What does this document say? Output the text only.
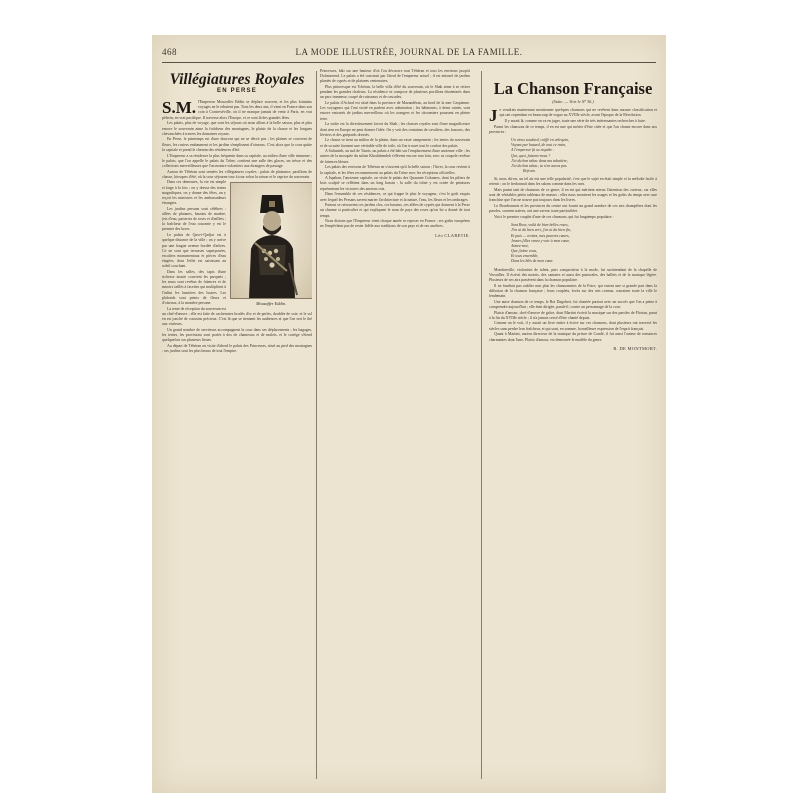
468	LA MODE ILLUSTRÉE, JOURNAL DE LA FAMILLE.
Villégiatures Royales
EN PERSE

S.M. l'Empereur Mouzaffer Eddin se déplace souvent, et les plus lointains voyages ne le rebutent pas. Tous les deux ans, il vient en France dans son coin à Contrexéville, où il ne manque jamais de venir à Paris, en vrai pèlerin, en vrai pacifique. Il traverse alors l'Europe, et ce sont là des grandes fêtes.

Les palais, plus de voyage, que sont les séjours où nous allons à la belle saison, plus et plus encore le souverain aime la fraîcheur des montagnes, le plaisir de la chasse et les longues chevauchées à travers les domaines royaux.

En Perse, le printemps est d'une douceur qui ne se décrit pas ; les plaines se couvrent de fleurs, les rosiers embaument et les jardins s'emplissent d'oiseaux. C'est alors que la cour quitte la capitale et prend le chemin des résidences d'été.

L'Empereur a sa résidence la plus fréquente dans sa capitale, au milieu d'une ville immense ; le palais, que l'on appelle le palais du Trône, contient une salle des glaces, un trésor et des collections merveilleuses que l'on montre volontiers aux étrangers de passage.

Autour de Téhéran sont semées les villégiatures royales : palais de plaisance, pavillons de chasse, kiosques d'été, où la cour séjourne tour à tour selon la saison et le caprice du souverain.

Mouzaffer Eddin.

Dans ces demeures, la vie est simple et large à la fois ; on y dresse des tentes magnifiques, on y donne des fêtes, on y reçoit les ministres et les ambassadeurs étrangers.

Les jardins persans sont célèbres : allées de platanes, bassins de marbre, jets d'eau, parterres de roses et d'œillets ; la fraîcheur de l'eau courante y est le premier des luxes.

Le palais de Qasr-i-Qadjar est à quelque distance de la ville ; on y arrive par une longue avenue bordée d'arbres. Ce ne sont que terrasses superposées, escaliers monumentaux et pièces d'eau étagées, dont l'effet est saisissant au soleil couchant.

Dans les salles, des tapis d'une richesse inouïe couvrent les parquets ; les murs sont revêtus de faïences et de miroirs taillés à facettes qui multiplient à l'infini les lumières des lustres. Les plafonds sont peints de fleurs et d'oiseaux, à la manière persane.

La tente de réception du souverain est un chef-d'œuvre ; elle est faite de cachemires brodés d'or et de perles, doublée de soie, et le sol en est jonché de coussins précieux. C'est là que se tiennent les audiences et que l'on sert le thé aux visiteurs.

Un grand nombre de serviteurs accompagnent la cour dans ses déplacements ; les bagages, les tentes, les provisions sont portés à dos de chameaux et de mulets, et le cortège s'étend quelquefois sur plusieurs lieues.

Au départ de Téhéran on visite d'abord le palais des Princesses, situé au pied des montagnes ; ses jardins sont les plus beaux de tout l'empire.

Princesses, bâti sur une hauteur d'où l'on découvre tout Téhéran et tous les environs jusqu'à Doûmavend. Le palais a été construit par l'aïeul de l'empereur actuel ; il est entouré de jardins plantés de cyprès et de platanes centenaires.

Plus pittoresque est Tchéran, la belle villa d'été du souverain, où le Shah aime à se retirer pendant les grandes chaleurs. La résidence se compose de plusieurs pavillons disséminés dans un parc immense, coupé de ruisseaux et de cascades.

Le palais d'Achraf est situé dans la province de Mazandéran, au bord de la mer Caspienne. Les voyageurs qui l'ont visité en parlent avec admiration ; les bâtiments, à demi ruinés, sont encore entourés de jardins merveilleux où les orangers et les citronniers poussent en pleine terre.

La voûte est la divertissement favori du Shah ; les chasses royales sont d'une magnificence dont rien en Europe ne peut donner l'idée. On y voit des centaines de cavaliers, des faucons, des lévriers et des guépards dressés.

Le chasse se tient au milieu de la plaine, dans un vaste campement ; les tentes du souverain et de sa suite forment une véritable ville de toile, où l'on trouve tout le confort des palais.

A Sultanieh, au sud de Tauris, un palais a été bâti sur l'emplacement d'une ancienne ville ; les ruines de la mosquée du sultan Khodabendeh s'élèvent encore non loin, avec sa coupole revêtue de faïences bleues.

Les palais des environs de Téhéran ne s'ouvrent qu'à la belle saison ; l'hiver, la cour revient à la capitale, et les fêtes recommencent au palais du Trône avec les réceptions officielles.

A Ispahan, l'ancienne capitale, on visite le palais des Quarante Colonnes, dont les piliers de bois sculpté se reflètent dans un long bassin ; la salle du trône y est ornée de peintures représentant les victoires des anciens rois.

Dans l'ensemble de ces résidences, ce qui frappe le plus le voyageur, c'est le goût exquis avec lequel les Persans savent marier l'architecture et la nature, l'eau, les fleurs et les ombrages.

Partout se retrouvent ces jardins clos, ces bassins, ces allées de cyprès qui donnent à la Perse un charme si particulier et qui expliquent le nom de pays des roses qu'on lui a donné de tout temps.

Nous disions que l'Empereur vient chaque année se reposer en France ; ses goûts européens ne l'empêchent pas de rester fidèle aux traditions de son pays et de ses ancêtres.

Léo CLARETIE.
La Chanson Française
(Suite. — Voir le Nº 36.)

J e voudrais maintenant mentionner quelques chansons qui ne revêtent dans aucune classification et qui ont cependant eu beaucoup de vogue au XVIIIe siècle, avant l'époque de la Révolution.

Il y aurait là, comme on va en juger, toute une série de très intéressantes recherches à faire.

Parmi les chansons de ce temps, il en est une qui mérite d'être citée et que l'on chante encore dans nos provinces :

Un vieux soudard, coiffé en arlequin,
Voyant par hasard, de tout ce train,
A l'empereur fit sa requête :
Qui, quoi, faisons-nous ?
J'ai du bon tabac dans ma tabatière,
J'ai du bon tabac, tu n'en auras pas.
Refrain.

Si, nous dit-on, un tel air eut une telle popularité, c'est que le sujet en était simple et la mélodie facile à retenir ; on le fredonnait dans les salons comme dans les rues.

Mais parmi tant de chansons de ce genre, il en est qui méritent mieux l'attention des curieux, car elles sont de véritables petits tableaux de mœurs ; elles nous montrent les usages et les goûts du temps avec une franchise que l'on ne trouve pas toujours dans les livres.

Le Bourbonnais et les provinces du centre ont fourni un grand nombre de ces airs champêtres dont les paroles, souvent naïves, ont une saveur toute particulière.

Voici le premier couplet d'une de ces chansons, qui fut longtemps populaire :

Sont Rose, voilà de bien belles roses,
J'en ai du bien vert, j'en ai du bien fin,
Et puis — trottez, mes pauvres cœurs,
Jeunes filles venez y voir à mon cœur,
Aimez-moi,
Que j'aime vous,
Et tous ensemble,
Dans les blés de mon cœur.

Mondonville, violoniste de talent, puis compositeur à la mode, fut surintendant de la chapelle de Versailles. Il écrivit des motets, des cantates et aussi des pastorales, des ballets et de la musique légère. Plusieurs de ses airs passèrent dans la chanson populaire.

Il ne faudrait pas oublier non plus les chansonniers de la Foire, qui eurent une si grande part dans la diffusion de la chanson française ; leurs couplets, écrits sur des airs connus, couraient toute la ville le lendemain.

Une autre chanson de ce temps, le Roi Dagobert, fut chantée partout avec un succès que l'on a peine à comprendre aujourd'hui ; elle était dirigée, paraît-il, contre un personnage de la cour.

Plaisir d'amour, chef-d'œuvre de grâce, dont Martini écrivit la musique sur des paroles de Florian, parut à la fin du XVIIIe siècle ; il n'a jamais cessé d'être chanté depuis.

Comme on le voit, il y aurait un livre entier à écrire sur ces chansons, dont plusieurs ont traversé les siècles sans perdre leur fraîcheur, et qui sont, en somme, la meilleure expression de l'esprit français.

Quant à Martini, ancien directeur de la musique du prince de Condé, il fut aussi l'auteur de romances charmantes dont l'une, Plaisir d'amour, est demeurée le modèle du genre.

R. DE MONTMORT.
